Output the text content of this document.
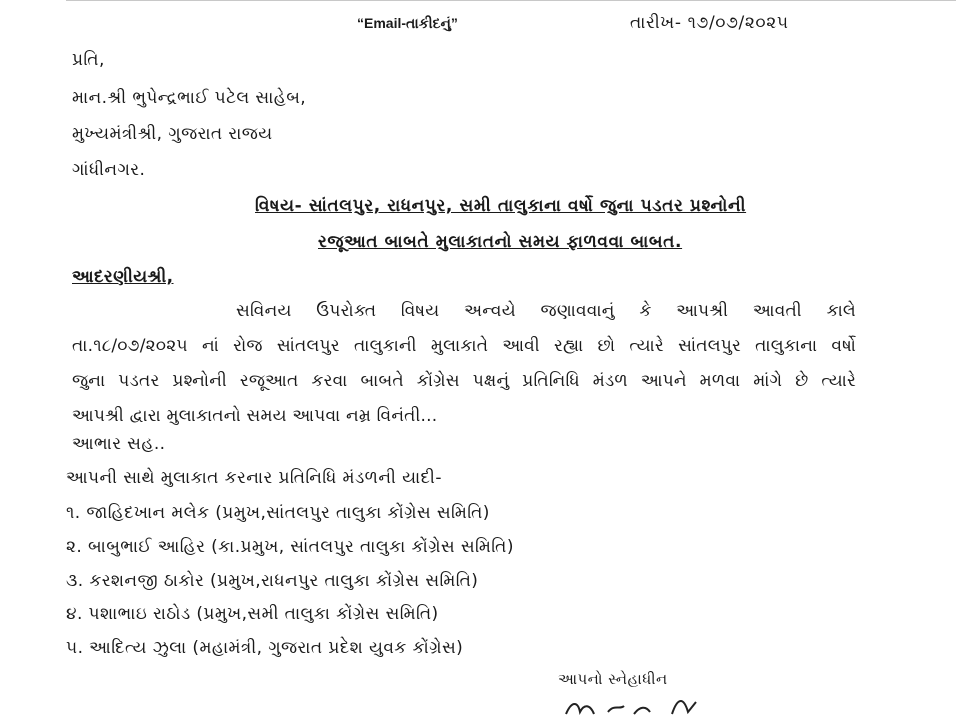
“Email-તાકીદનું”	તારીખ- ૧૭/૦૭/૨૦૨૫
પ્રતિ,
માન.શ્રી ભુપેન્દ્રભાઈ પટેલ સાહેબ,
મુખ્યમંત્રીશ્રી, ગુજરાત રાજય
ગાંધીનગર.
વિષય- સાંતલપુર, રાધનપુર, સમી તાલુકાના વર્ષો જુના પડતર પ્રશ્નોની
રજૂઆત બાબતે મુલાકાતનો સમય ફાળવવા બાબત.
આદરણીયશ્રી,
સવિનય ઉપરોક્ત વિષય અન્વયે જણાવવાનું કે આપશ્રી આવતી કાલે
તા.૧૮/૦૭/૨૦૨૫ નાં રોજ સાંતલપુર તાલુકાની મુલાકાતે આવી રહ્યા છો ત્યારે સાંતલપુર તાલુકાના વર્ષો
જુના પડતર પ્રશ્નોની રજૂઆત કરવા બાબતે કોંગ્રેસ પક્ષનું પ્રતિનિધિ મંડળ આપને મળવા માંગે છે ત્યારે
આપશ્રી દ્વારા મુલાકાતનો સમય આપવા નમ્ર વિનંતી...
આભાર સહ..
આપની સાથે મુલાકાત કરનાર પ્રતિનિધિ મંડળની યાદી-
૧. જાહિદખાન મલેક (પ્રમુખ,સાંતલપુર તાલુકા કોંગ્રેસ સમિતિ)
૨. બાબુભાઈ આહિર (કા.પ્રમુખ, સાંતલપુર તાલુકા કોંગ્રેસ સમિતિ)
૩. કરશનજી ઠાકોર (પ્રમુખ,રાધનપુર તાલુકા કોંગ્રેસ સમિતિ)
૪. પશાભાઇ રાઠોડ (પ્રમુખ,સમી તાલુકા કોંગ્રેસ સમિતિ)
૫. આદિત્ય ઝુલા (મહામંત્રી, ગુજરાત પ્રદેશ યુવક કોંગ્રેસ)
આપનો સ્નેહાધીન
